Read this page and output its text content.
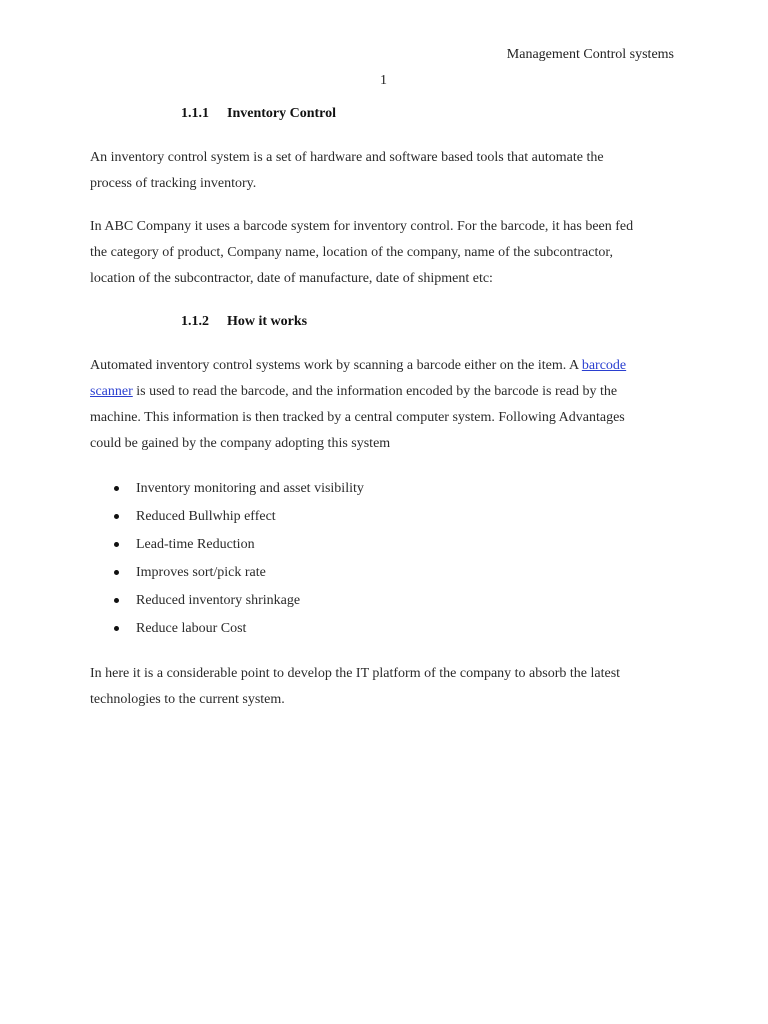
Management Control systems
1
1.1.1 Inventory Control

An inventory control system is a set of hardware and software based tools that automate the
process of tracking inventory.

In ABC Company it uses a barcode system for inventory control. For the barcode, it has been fed
the category of product, Company name, location of the company, name of the subcontractor,
location of the subcontractor, date of manufacture, date of shipment etc:

1.1.2 How it works

Automated inventory control systems work by scanning a barcode either on the item. A barcode
scanner is used to read the barcode, and the information encoded by the barcode is read by the
machine. This information is then tracked by a central computer system. Following Advantages
could be gained by the company adopting this system

Inventory monitoring and asset visibility
Reduced Bullwhip effect
Lead-time Reduction
Improves sort/pick rate
Reduced inventory shrinkage
Reduce labour Cost

In here it is a considerable point to develop the IT platform of the company to absorb the latest
technologies to the current system.
